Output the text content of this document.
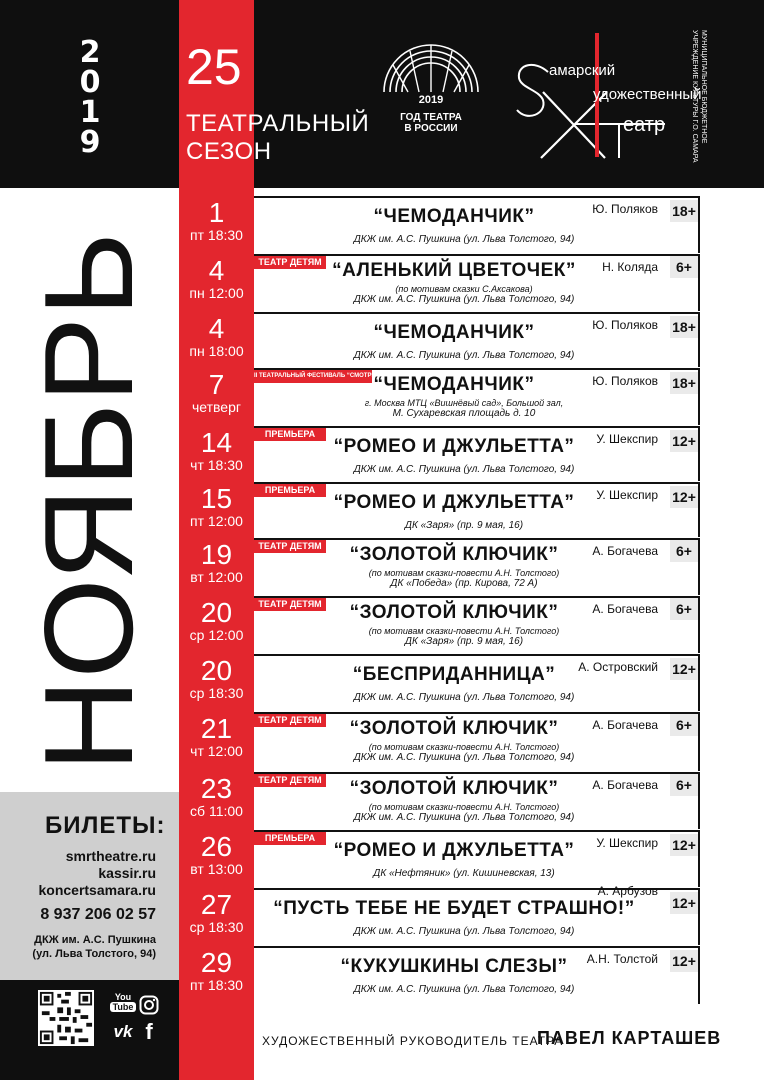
2
0
1
9
25
ТЕАТРАЛЬНЫЙ
СЕЗОН
2019
ГОД ТЕАТРА
В РОССИИ
амарский
удожественный
еатр	МУНИЦИПАЛЬНОЕ БЮДЖЕТНОЕ УЧРЕЖДЕНИЕ КУЛЬТУРЫ Г.О. САМАРА
НОЯБРЬ
БИЛЕТЫ:
smrtheatre.ru
kassir.ru
koncertsamara.ru
8 937 206 02 57
ДКЖ им. А.С. Пушкина
(ул. Льва Толстого, 94)
You
Tube
vk f
1
пт 18:30
“ЧЕМОДАНЧИК”	Ю. Поляков 18+
ДКЖ им. А.С. Пушкина (ул. Льва Толстого, 94)
4
пн 12:00
ТЕАТР ДЕТЯМ “АЛЕНЬКИЙ ЦВЕТОЧЕК”	Н. Коляда	6+
(по мотивам сказки С.Аксакова)
ДКЖ им. А.С. Пушкина (ул. Льва Толстого, 94)
4
пн 18:00
“ЧЕМОДАНЧИК”	Ю. Поляков 18+
ДКЖ им. А.С. Пушкина (ул. Льва Толстого, 94)
7
четверг
II ТЕАТРАЛЬНЫЙ ФЕСТИВАЛЬ “СМОТРИНЫ”
“ЧЕМОДАНЧИК”	Ю. Поляков 18+
г. Москва МТЦ «Вишнёвый сад», Большой зал,
М. Сухаревская площадь д. 10
14
чт 18:30
ПРЕМЬЕРА
“РОМЕО И ДЖУЛЬЕТТА”	У. Шекспир 12+
ДКЖ им. А.С. Пушкина (ул. Льва Толстого, 94)
15
пт 12:00
ПРЕМЬЕРА
“РОМЕО И ДЖУЛЬЕТТА”	У. Шекспир 12+
ДК «Заря» (пр. 9 мая, 16)
19
вт 12:00
ТЕАТР ДЕТЯМ	“ЗОЛОТОЙ КЛЮЧИК”	А. Богачева	6+
(по мотивам сказки-повести А.Н. Толстого)
ДК «Победа» (пр. Кирова, 72 А)
20
ср 12:00
ТЕАТР ДЕТЯМ	“ЗОЛОТОЙ КЛЮЧИК”	А. Богачева	6+
(по мотивам сказки-повести А.Н. Толстого)
ДК «Заря» (пр. 9 мая, 16)
20
ср 18:30
“БЕСПРИДАННИЦА”	А. Островский 12+
ДКЖ им. А.С. Пушкина (ул. Льва Толстого, 94)
21
чт 12:00
ТЕАТР ДЕТЯМ	“ЗОЛОТОЙ КЛЮЧИК”	А. Богачева	6+
(по мотивам сказки-повести А.Н. Толстого)
ДКЖ им. А.С. Пушкина (ул. Льва Толстого, 94)
23
сб 11:00
ТЕАТР ДЕТЯМ	“ЗОЛОТОЙ КЛЮЧИК”	А. Богачева	6+
(по мотивам сказки-повести А.Н. Толстого)
ДКЖ им. А.С. Пушкина (ул. Льва Толстого, 94)
26
вт 13:00
ПРЕМЬЕРА
“РОМЕО И ДЖУЛЬЕТТА”	У. Шекспир 12+
ДК «Нефтяник» (ул. Кишиневская, 13)
27
ср 18:30
“ПУСТЬ ТЕБЕ НЕ БУДЕТ СТРАШНО!”
А. Арбузов
12+
ДКЖ им. А.С. Пушкина (ул. Льва Толстого, 94)
29
пт 18:30
“КУКУШКИНЫ СЛЕЗЫ”	А.Н. Толстой 12+
ДКЖ им. А.С. Пушкина (ул. Льва Толстого, 94)
ХУДОЖЕСТВЕННЫЙ РУКОВОДИТЕЛЬ ТЕАТРА
ПАВЕЛ КАРТАШЕВ
